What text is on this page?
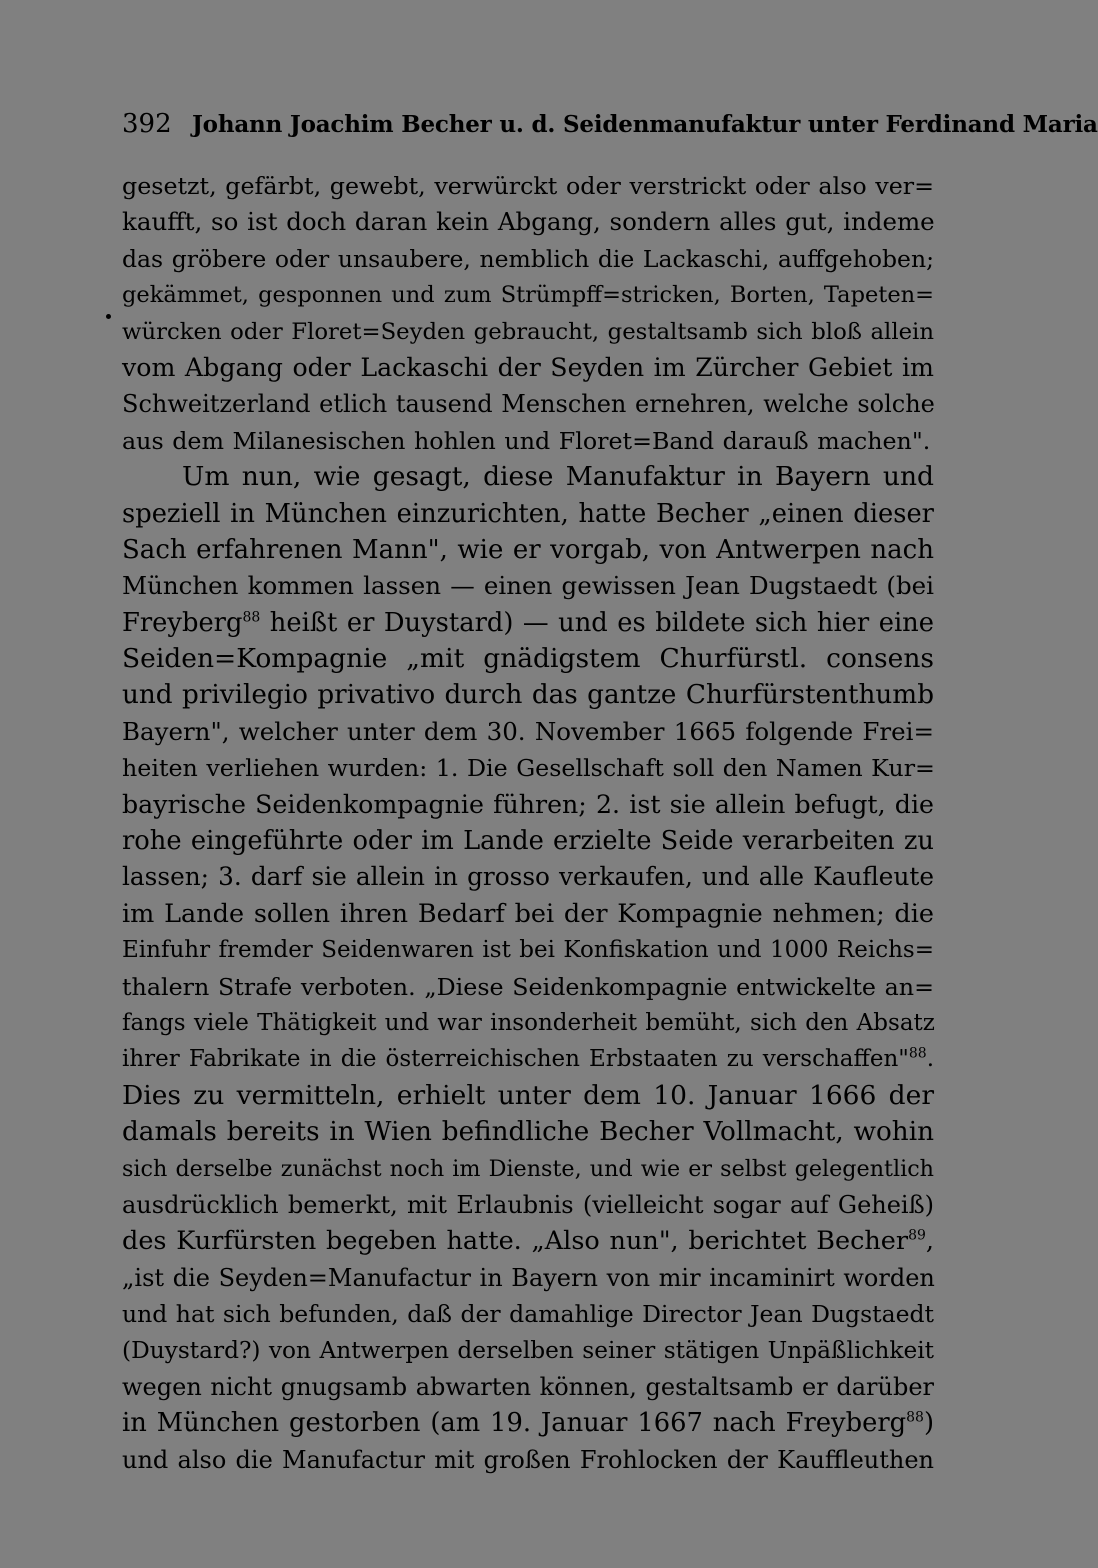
392 Johann Joachim Becher u. d. Seidenmanufaktur unter Ferdinand Maria
gesetzt, gefärbt, gewebt, verwürckt oder verstrickt oder also ver=
kaufft, so ist doch daran kein Abgang, sondern alles gut, indeme
das gröbere oder unsaubere, nemblich die Lackaschi, auffgehoben;
gekämmet, gesponnen und zum Strümpff=stricken, Borten, Tapeten=
würcken oder Floret=Seyden gebraucht, gestaltsamb sich bloß allein
vom Abgang oder Lackaschi der Seyden im Zürcher Gebiet im
Schweitzerland etlich tausend Menschen ernehren, welche solche
aus dem Milanesischen hohlen und Floret=Band darauß machen".
Um nun, wie gesagt, diese Manufaktur in Bayern und
speziell in München einzurichten, hatte Becher „einen dieser
Sach erfahrenen Mann", wie er vorgab, von Antwerpen nach
München kommen lassen — einen gewissen Jean Dugstaedt (bei
Freyberg$^{88}$ heißt er Duystard) — und es bildete sich hier eine
Seiden=Kompagnie „mit gnädigstem Churfürstl. consens
und privilegio privativo durch das gantze Churfürstenthumb
Bayern", welcher unter dem 30. November 1665 folgende Frei=
heiten verliehen wurden: 1. Die Gesellschaft soll den Namen Kur=
bayrische Seidenkompagnie führen; 2. ist sie allein befugt, die
rohe eingeführte oder im Lande erzielte Seide verarbeiten zu
lassen; 3. darf sie allein in grosso verkaufen, und alle Kaufleute
im Lande sollen ihren Bedarf bei der Kompagnie nehmen; die
Einfuhr fremder Seidenwaren ist bei Konfiskation und 1000 Reichs=
thalern Strafe verboten. „Diese Seidenkompagnie entwickelte an=
fangs viele Thätigkeit und war insonderheit bemüht, sich den Absatz
ihrer Fabrikate in die österreichischen Erbstaaten zu verschaffen"$^{88}$.
Dies zu vermitteln, erhielt unter dem 10. Januar 1666 der
damals bereits in Wien befindliche Becher Vollmacht, wohin
sich derselbe zunächst noch im Dienste, und wie er selbst gelegentlich
ausdrücklich bemerkt, mit Erlaubnis (vielleicht sogar auf Geheiß)
des Kurfürsten begeben hatte. „Also nun", berichtet Becher$^{89}$,
„ist die Seyden=Manufactur in Bayern von mir incaminirt worden
und hat sich befunden, daß der damahlige Director Jean Dugstaedt
(Duystard?) von Antwerpen derselben seiner stätigen Unpäßlichkeit
wegen nicht gnugsamb abwarten können, gestaltsamb er darüber
in München gestorben (am 19. Januar 1667 nach Freyberg$^{88}$)
und also die Manufactur mit großen Frohlocken der Kauffleuthen
